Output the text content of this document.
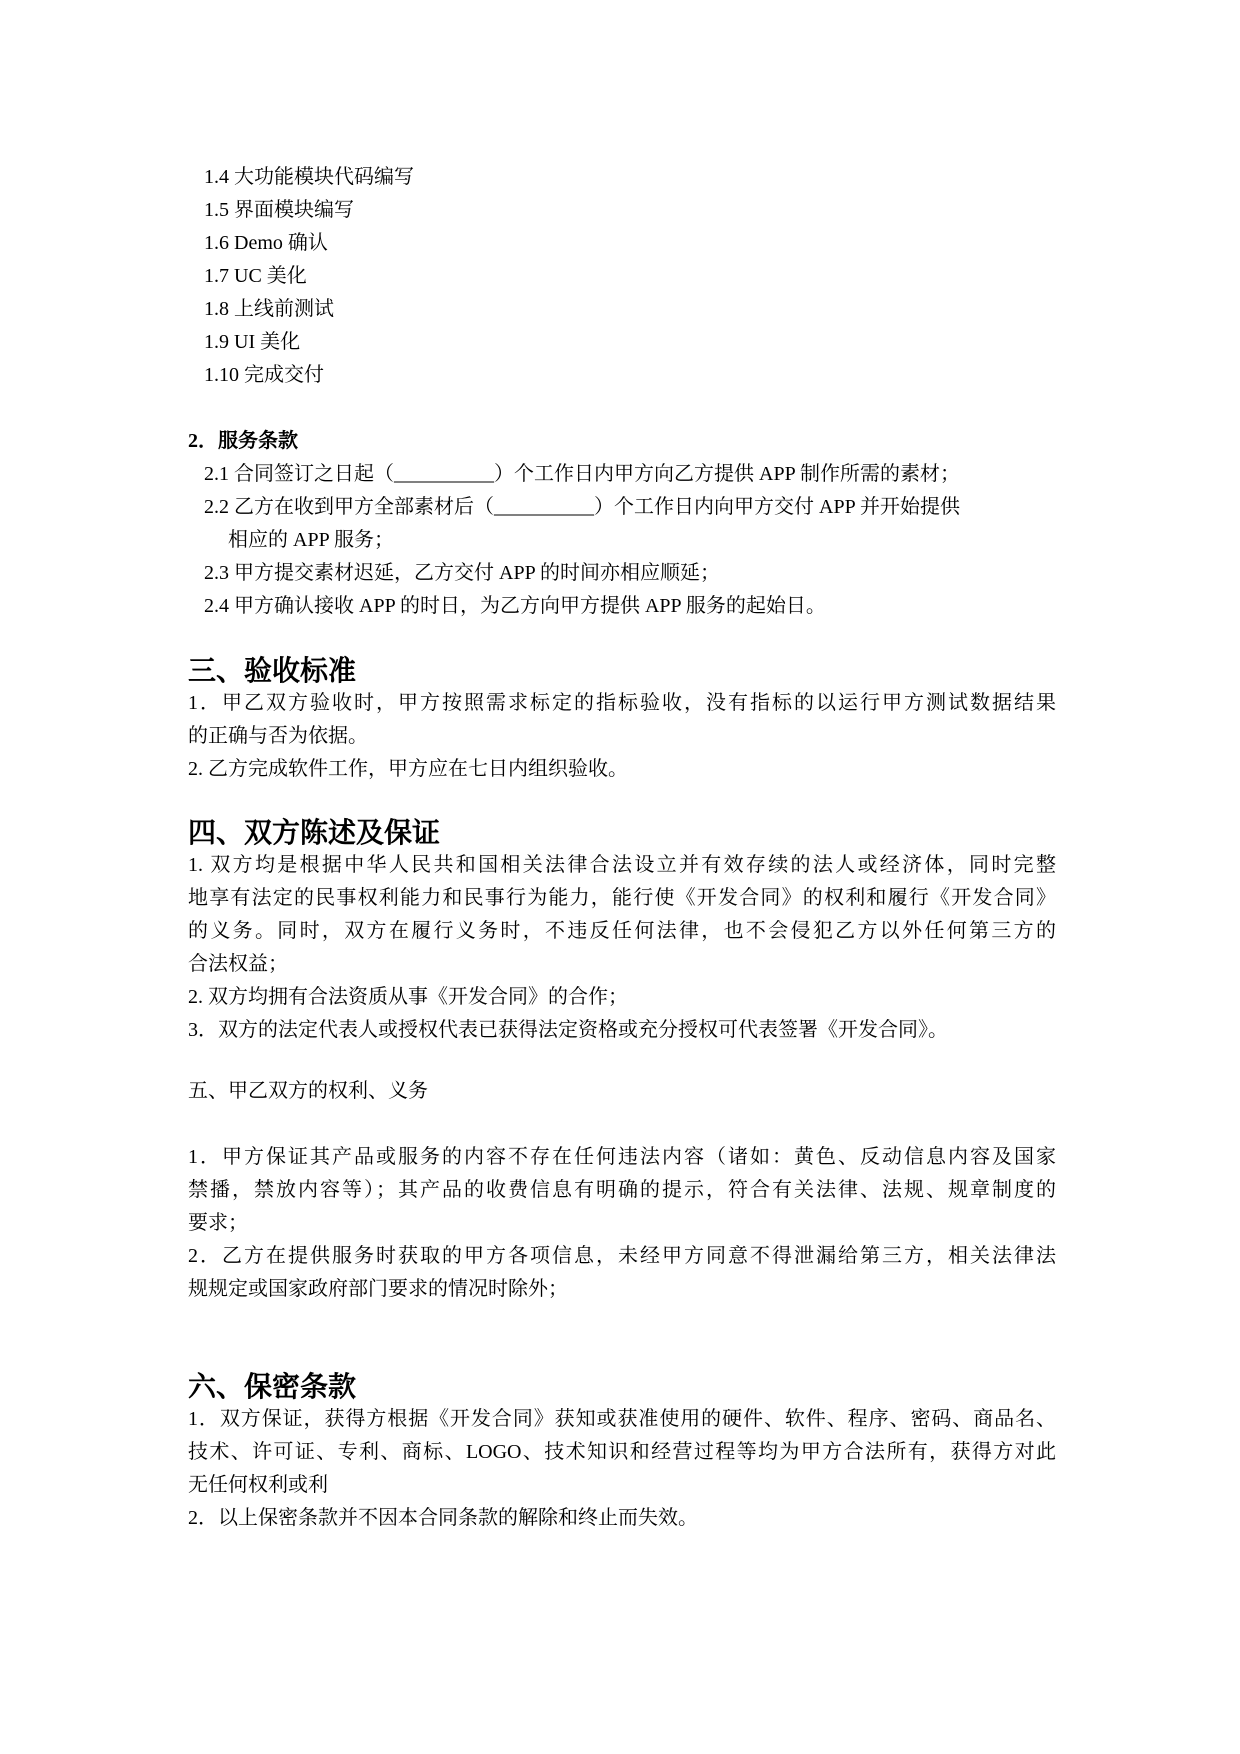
1.4 大功能模块代码编写
1.5 界面模块编写
1.6 Demo 确认
1.7 UC 美化
1.8 上线前测试
1.9 UI 美化
1.10 完成交付
2．服务条款
2.1 合同签订之日起（__________）个工作日内甲方向乙方提供 APP 制作所需的素材；
2.2 乙方在收到甲方全部素材后（__________）个工作日内向甲方交付 APP 并开始提供
相应的 APP 服务；
2.3 甲方提交素材迟延，乙方交付 APP 的时间亦相应顺延；
2.4 甲方确认接收 APP 的时日，为乙方向甲方提供 APP 服务的起始日。
三、验收标准
1．甲乙双方验收时，甲方按照需求标定的指标验收，没有指标的以运行甲方测试数据结果
的正确与否为依据。
2. 乙方完成软件工作，甲方应在七日内组织验收。
四、双方陈述及保证
1. 双方均是根据中华人民共和国相关法律合法设立并有效存续的法人或经济体，同时完整
地享有法定的民事权利能力和民事行为能力，能行使《开发合同》的权利和履行《开发合同》
的义务。同时，双方在履行义务时，不违反任何法律，也不会侵犯乙方以外任何第三方的
合法权益；
2. 双方均拥有合法资质从事《开发合同》的合作；
3．双方的法定代表人或授权代表已获得法定资格或充分授权可代表签署《开发合同》。
五、甲乙双方的权利、义务
1．甲方保证其产品或服务的内容不存在任何违法内容（诸如：黄色、反动信息内容及国家
禁播，禁放内容等）；其产品的收费信息有明确的提示，符合有关法律、法规、规章制度的
要求；
2．乙方在提供服务时获取的甲方各项信息，未经甲方同意不得泄漏给第三方，相关法律法
规规定或国家政府部门要求的情况时除外；
六、保密条款
1．双方保证，获得方根据《开发合同》获知或获准使用的硬件、软件、程序、密码、商品名、
技术、许可证、专利、商标、LOGO、技术知识和经营过程等均为甲方合法所有，获得方对此
无任何权利或利
2．以上保密条款并不因本合同条款的解除和终止而失效。
